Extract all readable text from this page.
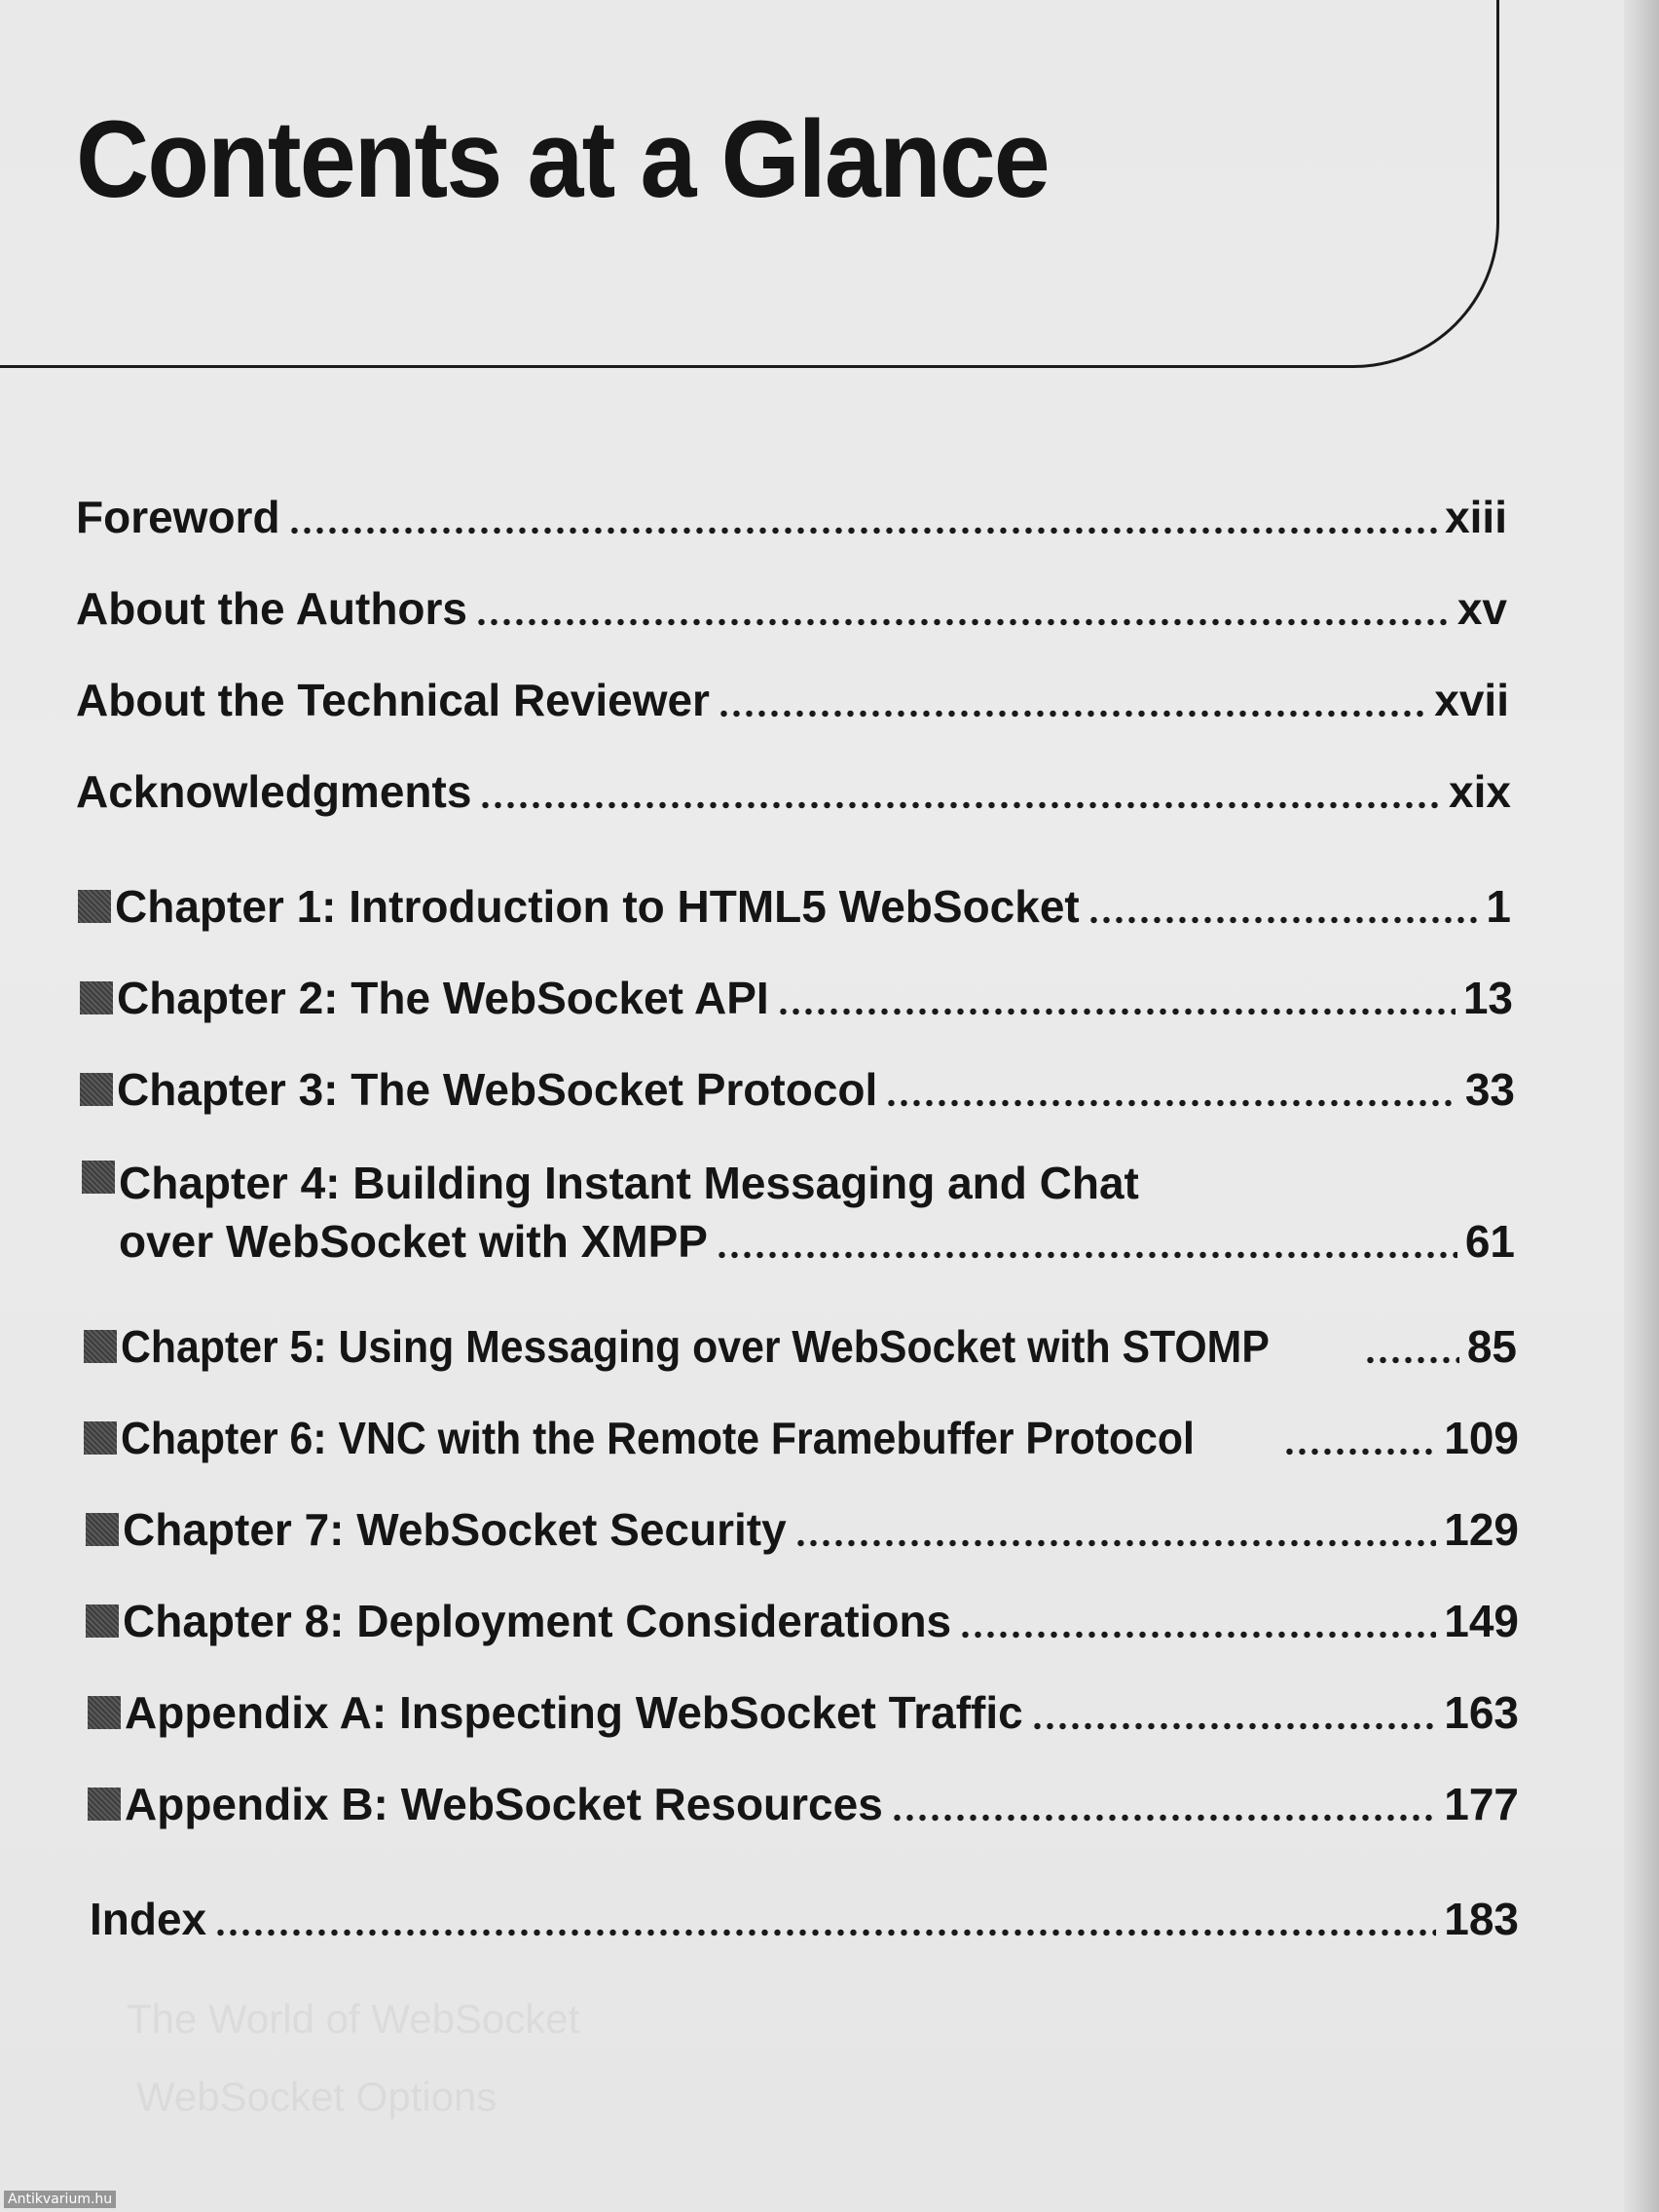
The World of WebSocket
WebSocket Options
Contents at a Glance
Foreword	xiii
About the Authors	xv
About the Technical Reviewer	xvii
Acknowledgments	xix
Chapter 1: Introduction to HTML5 WebSocket	1
Chapter 2: The WebSocket API	13
Chapter 3: The WebSocket Protocol	33
Chapter 4: Building Instant Messaging and Chat
over WebSocket with XMPP	61
Chapter 5: Using Messaging over WebSocket with STOMP	85
Chapter 6: VNC with the Remote Framebuffer Protocol	109
Chapter 7: WebSocket Security	129
Chapter 8: Deployment Considerations	149
Appendix A: Inspecting WebSocket Traffic	163
Appendix B: WebSocket Resources	177
Index	183
Antikvarium.hu
